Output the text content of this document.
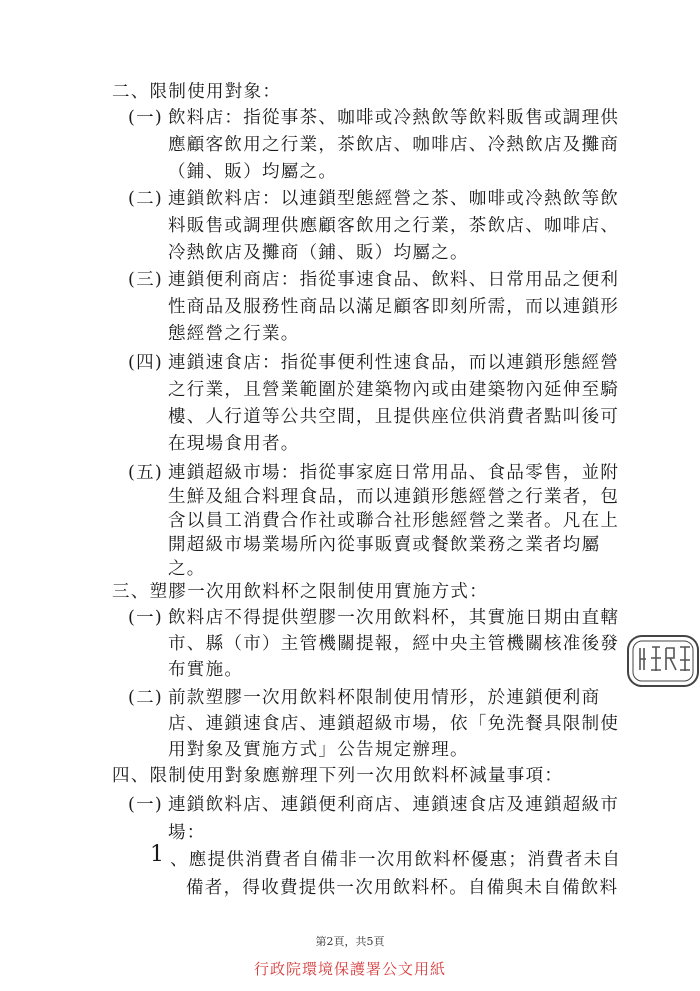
二、限制使用對象：
(一) 飲料店：指從事茶、咖啡或冷熱飲等飲料販售或調理供
應顧客飲用之行業，茶飲店、咖啡店、冷熱飲店及攤商
（鋪、販）均屬之。
(二) 連鎖飲料店：以連鎖型態經營之茶、咖啡或冷熱飲等飲
料販售或調理供應顧客飲用之行業，茶飲店、咖啡店、
冷熱飲店及攤商（鋪、販）均屬之。
(三) 連鎖便利商店：指從事速食品、飲料、日常用品之便利
性商品及服務性商品以滿足顧客即刻所需，而以連鎖形
態經營之行業。
(四) 連鎖速食店：指從事便利性速食品，而以連鎖形態經營
之行業，且營業範圍於建築物內或由建築物內延伸至騎
樓、人行道等公共空間，且提供座位供消費者點叫後可
在現場食用者。
(五) 連鎖超級市場：指從事家庭日常用品、食品零售，並附
生鮮及組合料理食品，而以連鎖形態經營之行業者，包
含以員工消費合作社或聯合社形態經營之業者。凡在上
開超級市場業場所內從事販賣或餐飲業務之業者均屬
之。
三、塑膠一次用飲料杯之限制使用實施方式：
(一) 飲料店不得提供塑膠一次用飲料杯，其實施日期由直轄
市、縣（市）主管機關提報，經中央主管機關核准後發
布實施。
(二) 前款塑膠一次用飲料杯限制使用情形，於連鎖便利商
店、連鎖速食店、連鎖超級市場，依「免洗餐具限制使
用對象及實施方式」公告規定辦理。
四、限制使用對象應辦理下列一次用飲料杯減量事項：
(一) 連鎖飲料店、連鎖便利商店、連鎖速食店及連鎖超級市
場：
1 、應提供消費者自備非一次用飲料杯優惠；消費者未自
第2頁，共5頁
行政院環境保護署公文用紙
備者，得收費提供一次用飲料杯。自備與未自備飲料
